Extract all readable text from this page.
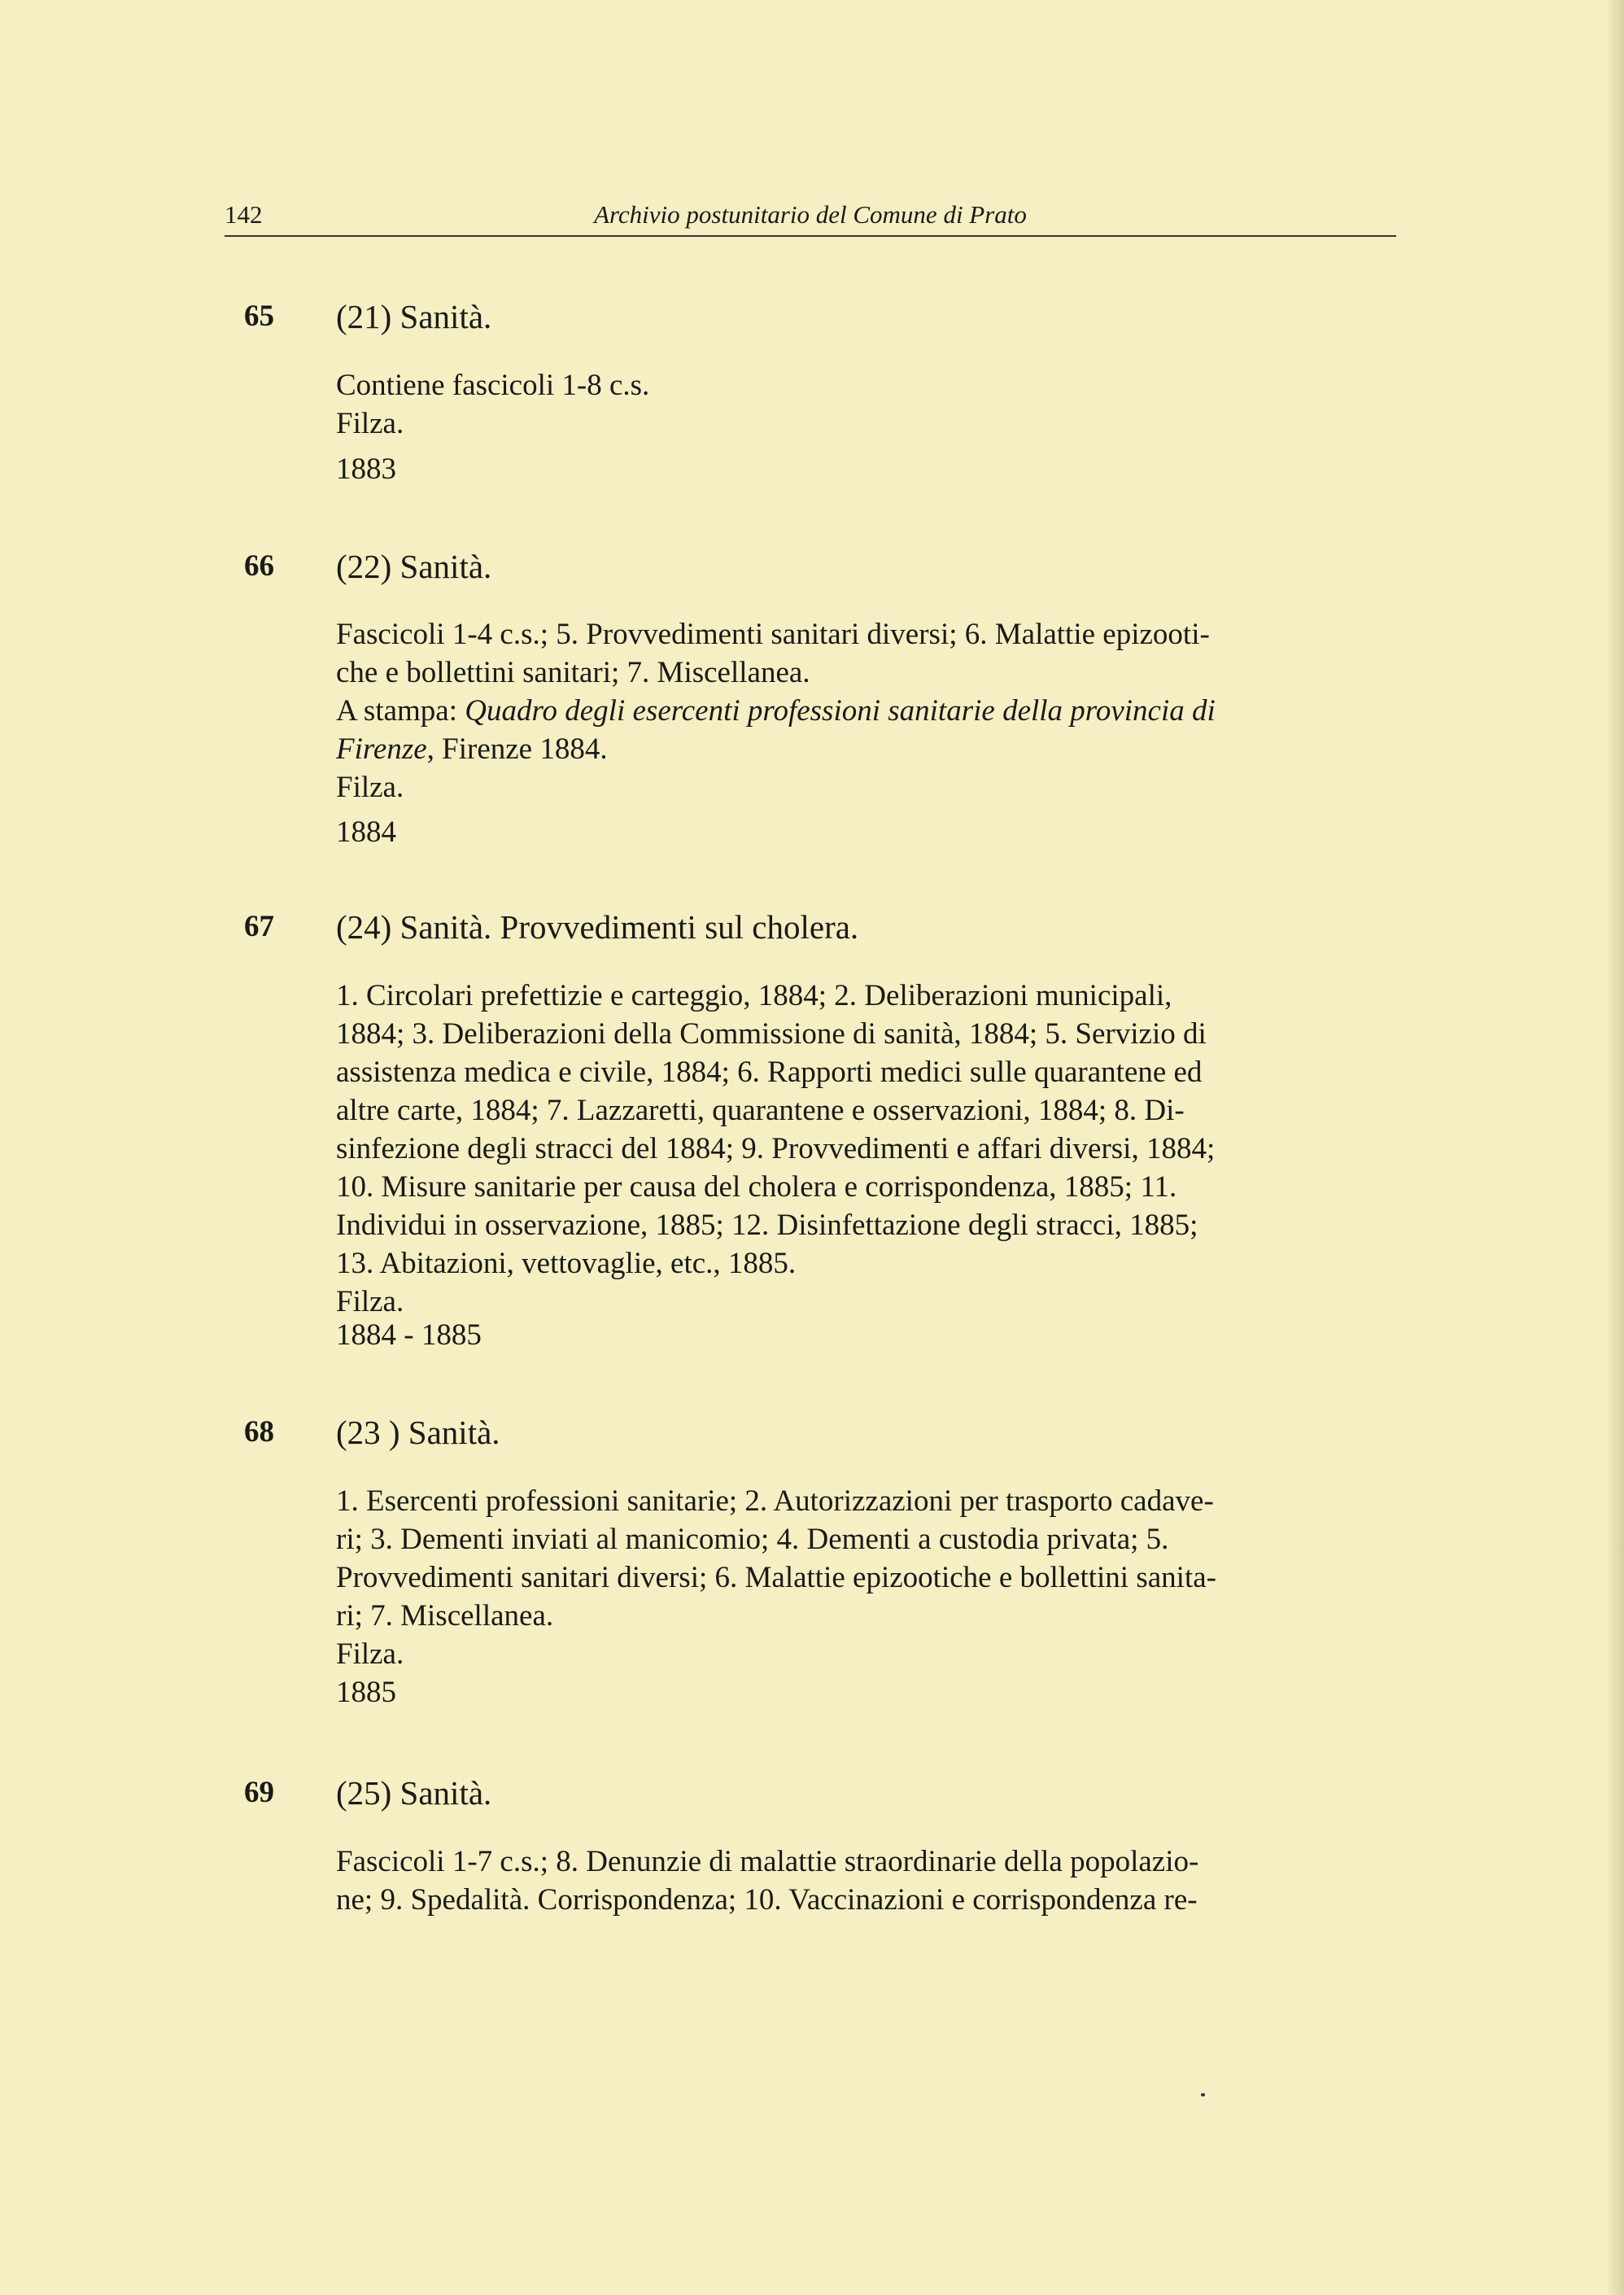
142	Archivio postunitario del Comune di Prato
65	(21) Sanità.

Contiene fascicoli 1-8 c.s.

Filza.

1883
66	(22) Sanità.

Fascicoli 1-4 c.s.; 5. Provvedimenti sanitari diversi; 6. Malattie epizooti-

che e bollettini sanitari; 7. Miscellanea.

A stampa: Quadro degli esercenti professioni sanitarie della provincia di

Firenze, Firenze 1884.

Filza.

1884
67	(24) Sanità. Provvedimenti sul cholera.

1. Circolari prefettizie e carteggio, 1884; 2. Deliberazioni municipali,

1884; 3. Deliberazioni della Commissione di sanità, 1884; 5. Servizio di

assistenza medica e civile, 1884; 6. Rapporti medici sulle quarantene ed

altre carte, 1884; 7. Lazzaretti, quarantene e osservazioni, 1884; 8. Di-

sinfezione degli stracci del 1884; 9. Provvedimenti e affari diversi, 1884;

10. Misure sanitarie per causa del cholera e corrispondenza, 1885; 11.

Individui in osservazione, 1885; 12. Disinfettazione degli stracci, 1885;

13. Abitazioni, vettovaglie, etc., 1885.

Filza.

1884 - 1885
68	(23 ) Sanità.

1. Esercenti professioni sanitarie; 2. Autorizzazioni per trasporto cadave-

ri; 3. Dementi inviati al manicomio; 4. Dementi a custodia privata; 5.

Provvedimenti sanitari diversi; 6. Malattie epizootiche e bollettini sanita-

ri; 7. Miscellanea.

Filza.

1885
69	(25) Sanità.

Fascicoli 1-7 c.s.; 8. Denunzie di malattie straordinarie della popolazio-

ne; 9. Spedalità. Corrispondenza; 10. Vaccinazioni e corrispondenza re-
